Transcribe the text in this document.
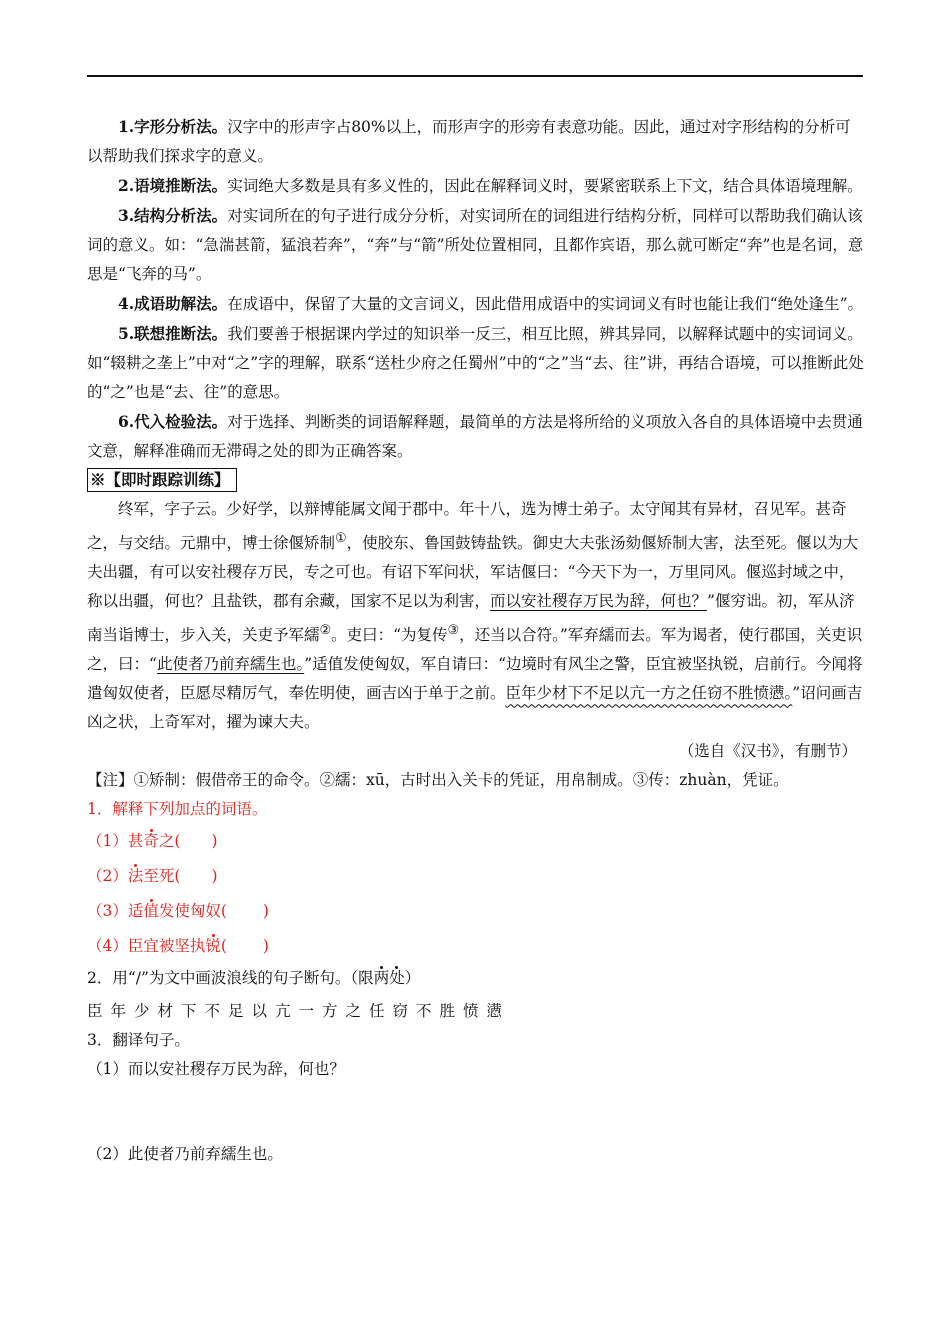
1.字形分析法。汉字中的形声字占80%以上，而形声字的形旁有表意功能。因此，通过对字形结构的分析可以帮助我们探求字的意义。

2.语境推断法。实词绝大多数是具有多义性的，因此在解释词义时，要紧密联系上下文，结合具体语境理解。

3.结构分析法。对实词所在的句子进行成分分析，对实词所在的词组进行结构分析，同样可以帮助我们确认该词的意义。如：“急湍甚箭，猛浪若奔”，“奔”与“箭”所处位置相同，且都作宾语，那么就可断定“奔”也是名词，意思是“飞奔的马”。

4.成语助解法。在成语中，保留了大量的文言词义，因此借用成语中的实词词义有时也能让我们“绝处逢生”。

5.联想推断法。我们要善于根据课内学过的知识举一反三，相互比照，辨其异同，以解释试题中的实词词义。如“辍耕之垄上”中对“之”字的理解，联系“送杜少府之任蜀州”中的“之”当“去、往”讲，再结合语境，可以推断此处的“之”也是“去、往”的意思。

6.代入检验法。对于选择、判断类的词语解释题，最简单的方法是将所给的义项放入各自的具体语境中去贯通文意，解释准确而无滞碍之处的即为正确答案。

※【即时跟踪训练】

终军，字子云。少好学，以辩博能属文闻于郡中。年十八，选为博士弟子。太守闻其有异材，召见军。甚奇之，与交结。元鼎中，博士徐偃矫制①，使胶东、鲁国鼓铸盐铁。御史大夫张汤劾偃矫制大害，法至死。偃以为大夫出疆，有可以安社稷存万民，专之可也。有诏下军问状，军诘偃曰：“今天下为一，万里同风。偃巡封域之中，称以出疆，何也？且盐铁，郡有余藏，国家不足以为利害，而以安社稷存万民为辞，何也？”偃穷诎。初，军从济南当诣博士，步入关，关吏予军繻②。吏曰：“为复传③，还当以合符。”军弃繻而去。军为谒者，使行郡国，关吏识之，曰：“此使者乃前弃繻生也。”适值发使匈奴，军自请曰：“边境时有风尘之警，臣宜被坚执锐，启前行。今闻将遣匈奴使者，臣愿尽精厉气，奉佐明使，画吉凶于单于之前。臣年少材下不足以亢一方之任窃不胜愤懑。”诏问画吉凶之状，上奇军对，擢为谏大夫。

（选自《汉书》，有删节）

【注】①矫制：假借帝王的命令。②繻：xū，古时出入关卡的凭证，用帛制成。③传：zhuàn，凭证。

1．解释下列加点的词语。

（1）甚奇之(　　)

（2）法至死(　　)

（3）适值发使匈奴(　　 )

（4）臣宜被坚执锐(　　 )

2．用“/”为文中画波浪线的句子断句。（限两处）

臣年少材下不足以亢一方之任窃不胜愤懑

3．翻译句子。

（1）而以安社稷存万民为辞，何也？

（2）此使者乃前弃繻生也。
